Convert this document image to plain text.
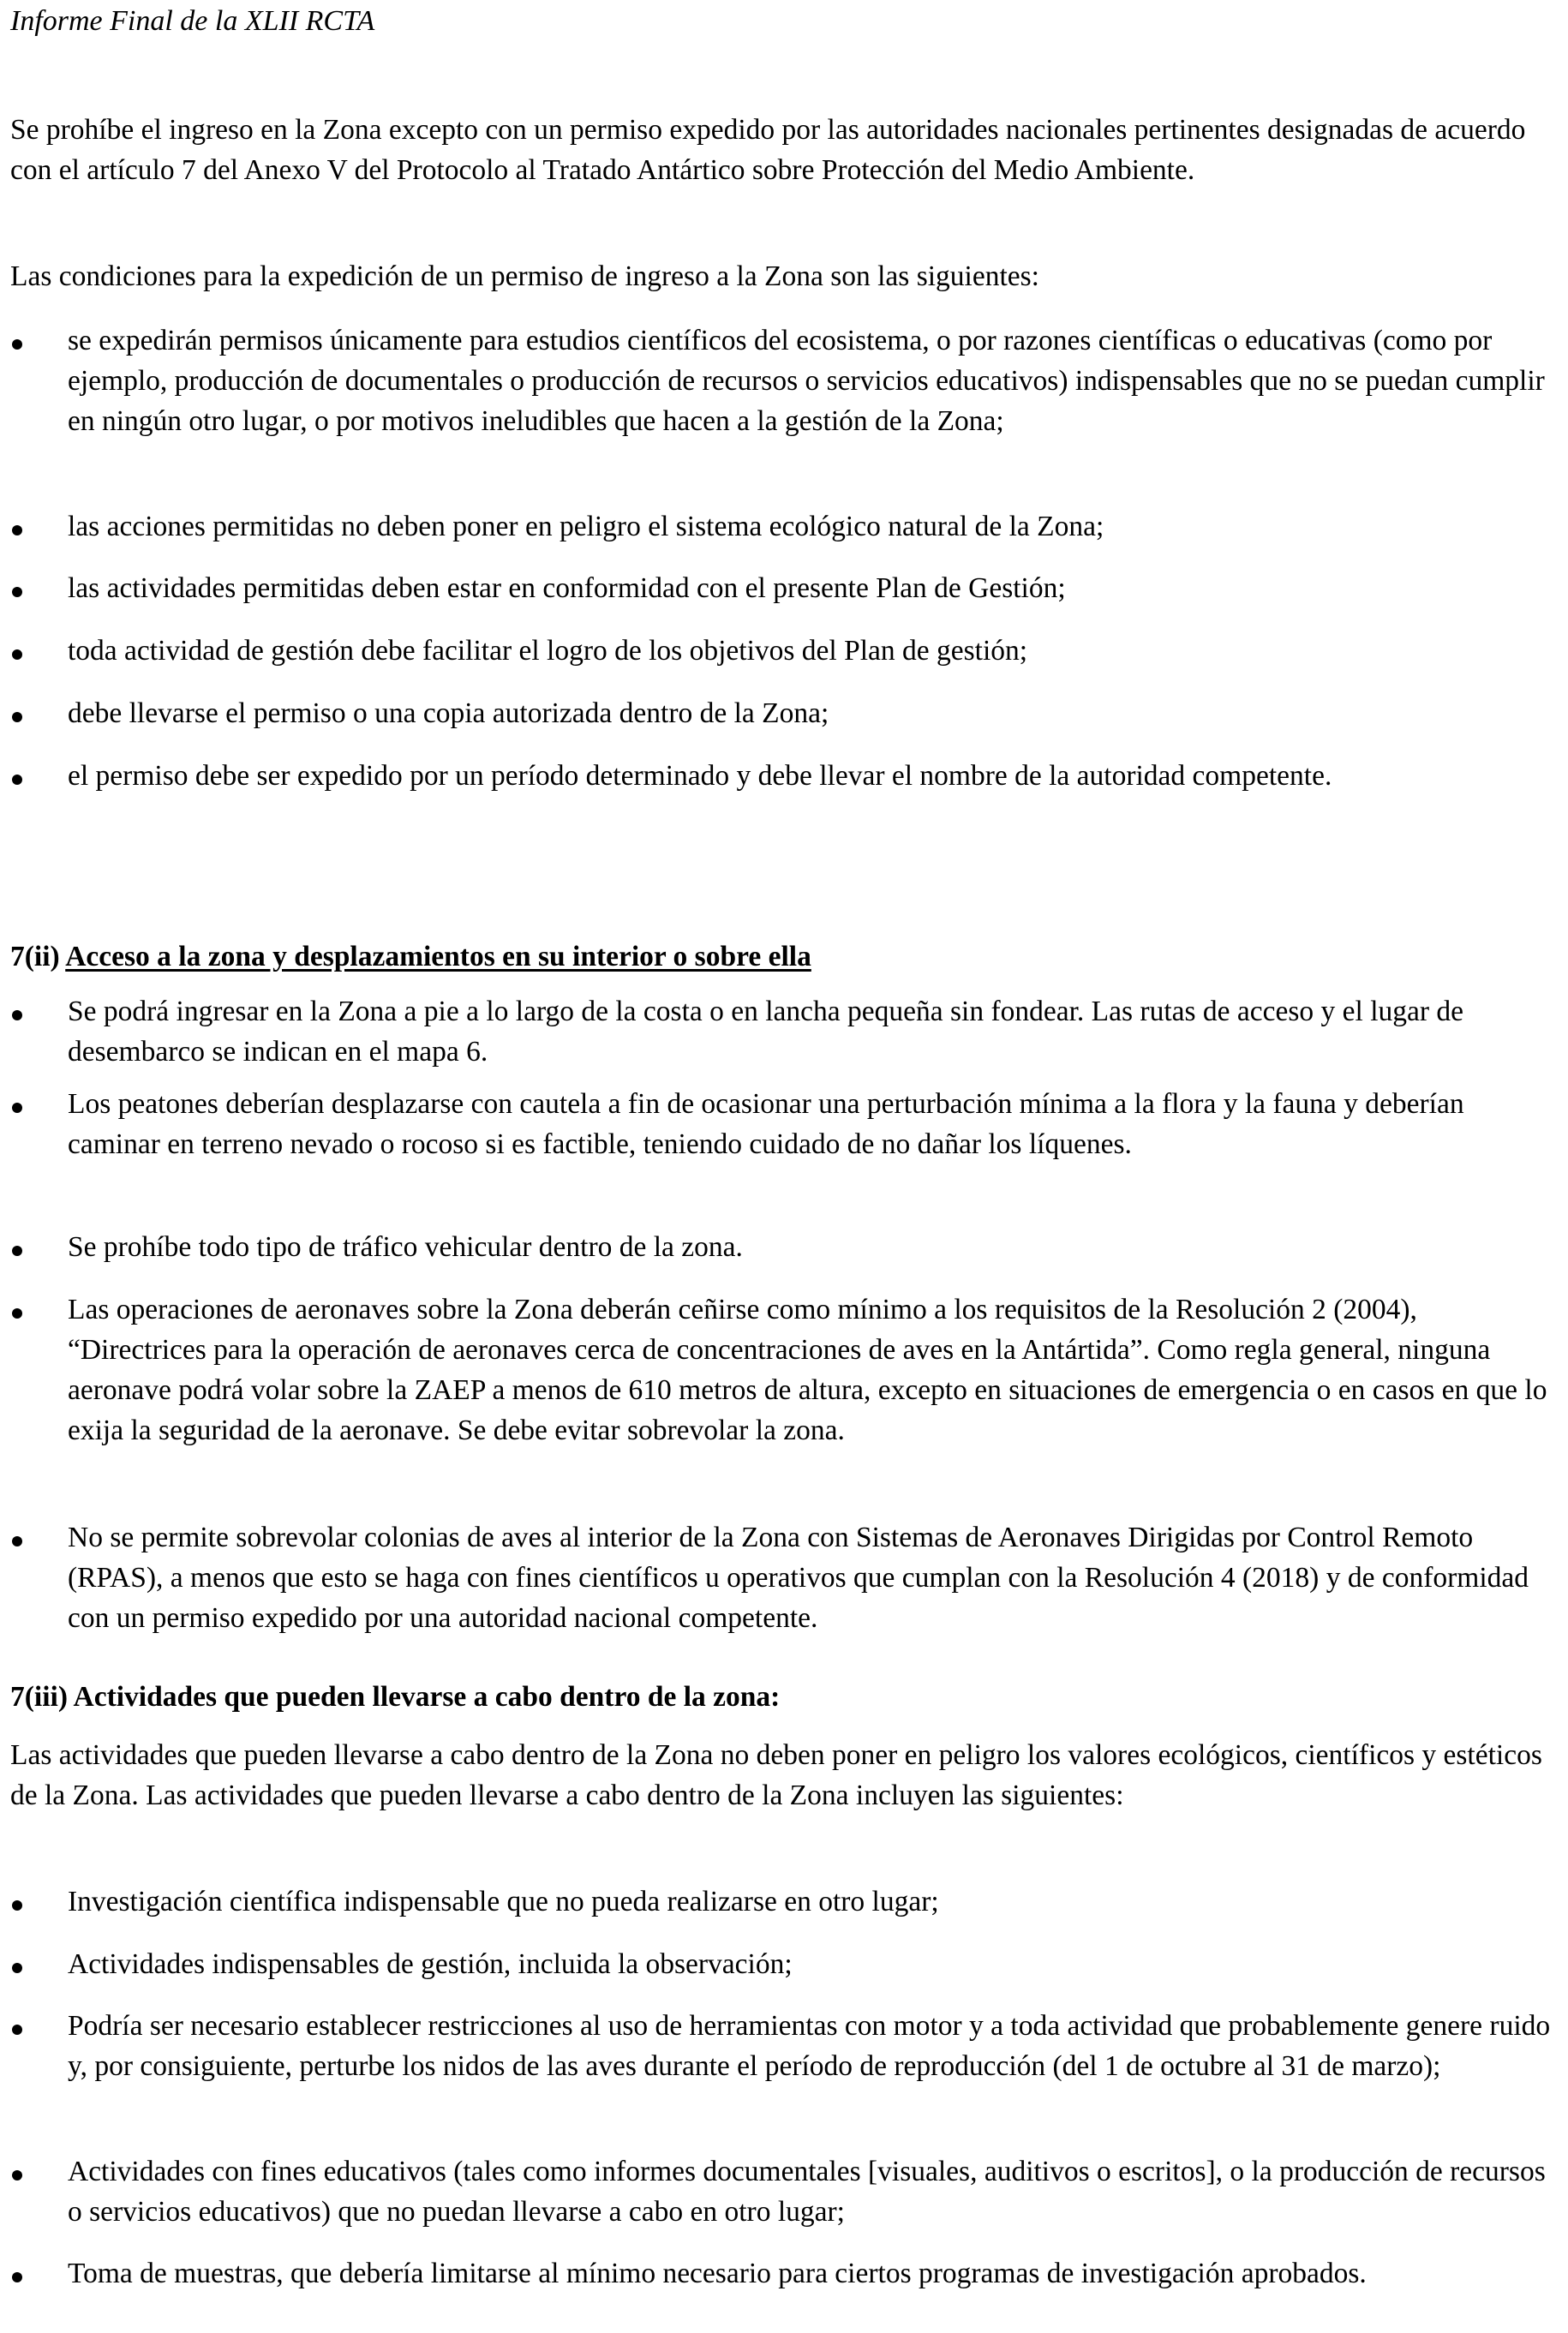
Informe Final de la XLII RCTA

Se prohíbe el ingreso en la Zona excepto con un permiso expedido por las autoridades nacionales pertinentes designadas de acuerdo con el artículo 7 del Anexo V del Protocolo al Tratado Antártico sobre Protección del Medio Ambiente.

Las condiciones para la expedición de un permiso de ingreso a la Zona son las siguientes:

se expedirán permisos únicamente para estudios científicos del ecosistema, o por razones científicas o educativas (como por ejemplo, producción de documentales o producción de recursos o servicios educativos) indispensables que no se puedan cumplir en ningún otro lugar, o por motivos ineludibles que hacen a la gestión de la Zona;
las acciones permitidas no deben poner en peligro el sistema ecológico natural de la Zona;
las actividades permitidas deben estar en conformidad con el presente Plan de Gestión;
toda actividad de gestión debe facilitar el logro de los objetivos del Plan de gestión;
debe llevarse el permiso o una copia autorizada dentro de la Zona;
el permiso debe ser expedido por un período determinado y debe llevar el nombre de la autoridad competente.
7(ii) Acceso a la zona y desplazamientos en su interior o sobre ella
Se podrá ingresar en la Zona a pie a lo largo de la costa o en lancha pequeña sin fondear. Las rutas de acceso y el lugar de desembarco se indican en el mapa 6.
Los peatones deberían desplazarse con cautela a fin de ocasionar una perturbación mínima a la flora y la fauna y deberían caminar en terreno nevado o rocoso si es factible, teniendo cuidado de no dañar los líquenes.
Se prohíbe todo tipo de tráfico vehicular dentro de la zona.
Las operaciones de aeronaves sobre la Zona deberán ceñirse como mínimo a los requisitos de la Resolución 2 (2004), “Directrices para la operación de aeronaves cerca de concentraciones de aves en la Antártida”. Como regla general, ninguna aeronave podrá volar sobre la ZAEP a menos de 610 metros de altura, excepto en situaciones de emergencia o en casos en que lo exija la seguridad de la aeronave. Se debe evitar sobrevolar la zona.
No se permite sobrevolar colonias de aves al interior de la Zona con Sistemas de Aeronaves Dirigidas por Control Remoto (RPAS), a menos que esto se haga con fines científicos u operativos que cumplan con la Resolución 4 (2018) y de conformidad con un permiso expedido por una autoridad nacional competente.
7(iii) Actividades que pueden llevarse a cabo dentro de la zona:

Las actividades que pueden llevarse a cabo dentro de la Zona no deben poner en peligro los valores ecológicos, científicos y estéticos de la Zona. Las actividades que pueden llevarse a cabo dentro de la Zona incluyen las siguientes:

Investigación científica indispensable que no pueda realizarse en otro lugar;
Actividades indispensables de gestión, incluida la observación;
Podría ser necesario establecer restricciones al uso de herramientas con motor y a toda actividad que probablemente genere ruido y, por consiguiente, perturbe los nidos de las aves durante el período de reproducción (del 1 de octubre al 31 de marzo);
Actividades con fines educativos (tales como informes documentales [visuales, auditivos o escritos], o la producción de recursos o servicios educativos) que no puedan llevarse a cabo en otro lugar;
Toma de muestras, que debería limitarse al mínimo necesario para ciertos programas de investigación aprobados.
